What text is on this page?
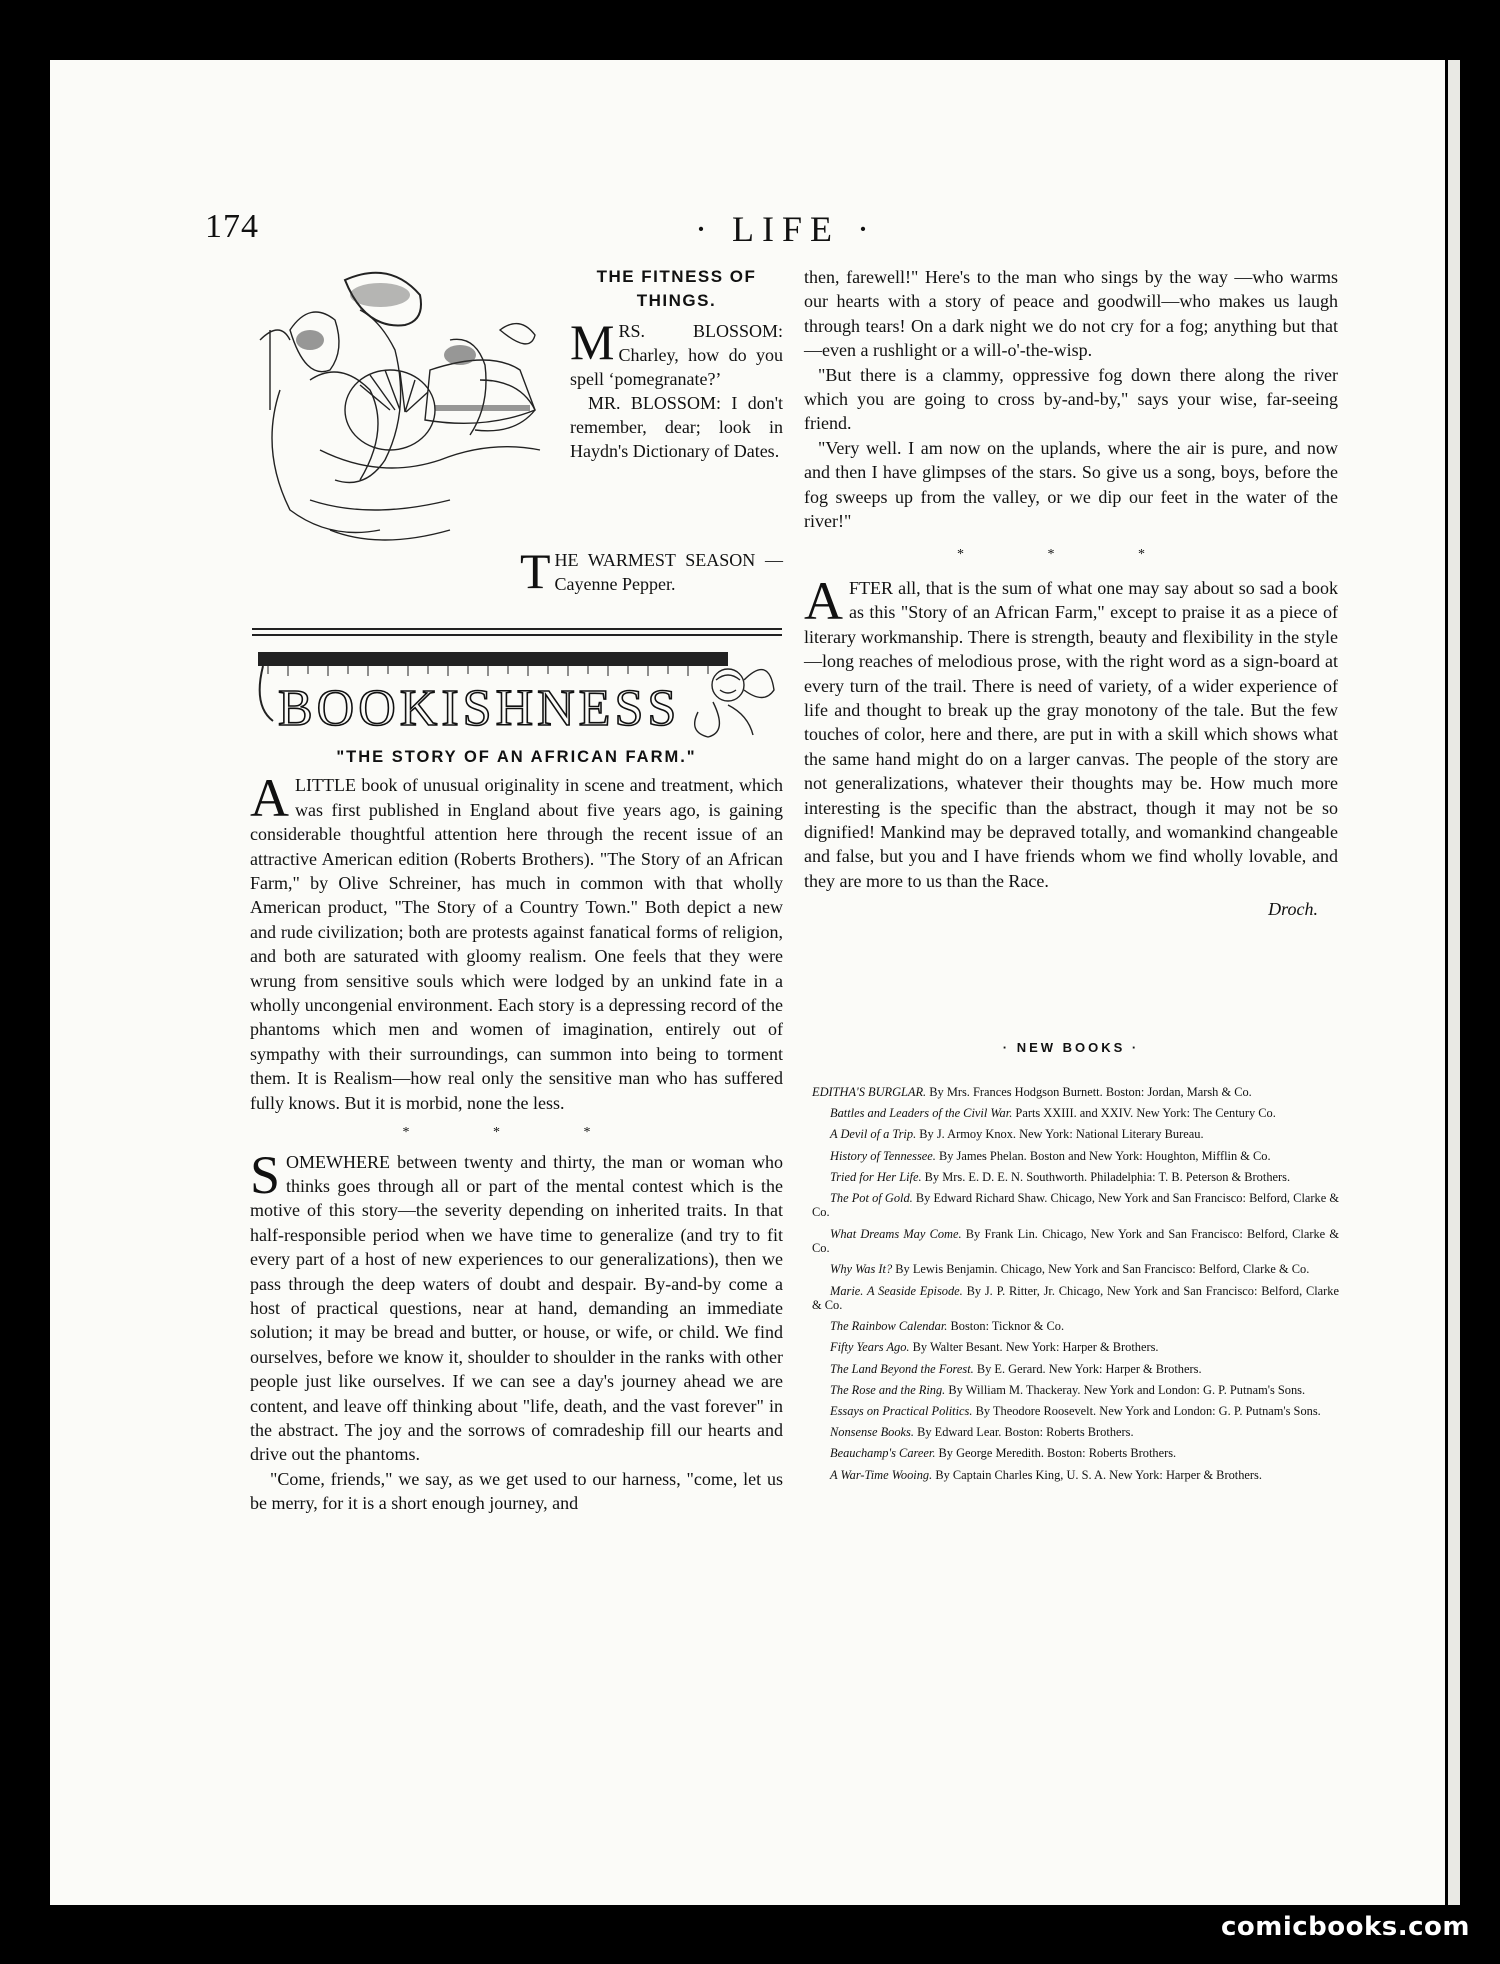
174	· LIFE ·
THE FITNESS OF THINGS.

MRS. BLOSSOM: Charley, how do you spell ‘pomegranate?’

MR. BLOSSOM: I don't remember, dear; look in Haydn's Dictionary of Dates.

THE WARMEST SEASON — Cayenne Pepper.
BOOKISHNESS
"THE STORY OF AN AFRICAN FARM."

ALITTLE book of unusual originality in scene and treatment, which was first published in England about five years ago, is gaining considerable thoughtful attention here through the recent issue of an attractive American edition (Roberts Brothers). "The Story of an African Farm," by Olive Schreiner, has much in common with that wholly American product, "The Story of a Country Town." Both depict a new and rude civilization; both are protests against fanatical forms of religion, and both are saturated with gloomy realism. One feels that they were wrung from sensitive souls which were lodged by an unkind fate in a wholly uncongenial environment. Each story is a depressing record of the phantoms which men and women of imagination, entirely out of sympathy with their surroundings, can summon into being to torment them. It is Realism—how real only the sensitive man who has suffered fully knows. But it is morbid, none the less.

* * *

SOMEWHERE between twenty and thirty, the man or woman who thinks goes through all or part of the mental contest which is the motive of this story—the severity depending on inherited traits. In that half-responsible period when we have time to generalize (and try to fit every part of a host of new experiences to our generalizations), then we pass through the deep waters of doubt and despair. By-and-by come a host of practical questions, near at hand, demanding an immediate solution; it may be bread and butter, or house, or wife, or child. We find ourselves, before we know it, shoulder to shoulder in the ranks with other people just like ourselves. If we can see a day's journey ahead we are content, and leave off thinking about "life, death, and the vast forever" in the abstract. The joy and the sorrows of comradeship fill our hearts and drive out the phantoms.

"Come, friends," we say, as we get used to our harness, "come, let us be merry, for it is a short enough journey, and

then, farewell!" Here's to the man who sings by the way —who warms our hearts with a story of peace and goodwill—who makes us laugh through tears! On a dark night we do not cry for a fog; anything but that—even a rushlight or a will-o'-the-wisp.

"But there is a clammy, oppressive fog down there along the river which you are going to cross by-and-by," says your wise, far-seeing friend.

"Very well. I am now on the uplands, where the air is pure, and now and then I have glimpses of the stars. So give us a song, boys, before the fog sweeps up from the valley, or we dip our feet in the water of the river!"

* * *

AFTER all, that is the sum of what one may say about so sad a book as this "Story of an African Farm," except to praise it as a piece of literary workmanship. There is strength, beauty and flexibility in the style—long reaches of melodious prose, with the right word as a sign-board at every turn of the trail. There is need of variety, of a wider experience of life and thought to break up the gray monotony of the tale. But the few touches of color, here and there, are put in with a skill which shows what the same hand might do on a larger canvas. The people of the story are not generalizations, whatever their thoughts may be. How much more interesting is the specific than the abstract, though it may not be so dignified! Mankind may be depraved totally, and womankind changeable and false, but you and I have friends whom we find wholly lovable, and they are more to us than the Race.

Droch.
· NEW BOOKS ·

EDITHA'S BURGLAR. By Mrs. Frances Hodgson Burnett. Boston: Jordan, Marsh & Co.

Battles and Leaders of the Civil War. Parts XXIII. and XXIV. New York: The Century Co.

A Devil of a Trip. By J. Armoy Knox. New York: National Literary Bureau.

History of Tennessee. By James Phelan. Boston and New York: Houghton, Mifflin & Co.

Tried for Her Life. By Mrs. E. D. E. N. Southworth. Philadelphia: T. B. Peterson & Brothers.

The Pot of Gold. By Edward Richard Shaw. Chicago, New York and San Francisco: Belford, Clarke & Co.

What Dreams May Come. By Frank Lin. Chicago, New York and San Francisco: Belford, Clarke & Co.

Why Was It? By Lewis Benjamin. Chicago, New York and San Francisco: Belford, Clarke & Co.

Marie. A Seaside Episode. By J. P. Ritter, Jr. Chicago, New York and San Francisco: Belford, Clarke & Co.

The Rainbow Calendar. Boston: Ticknor & Co.

Fifty Years Ago. By Walter Besant. New York: Harper & Brothers.

The Land Beyond the Forest. By E. Gerard. New York: Harper & Brothers.

The Rose and the Ring. By William M. Thackeray. New York and London: G. P. Putnam's Sons.

Essays on Practical Politics. By Theodore Roosevelt. New York and London: G. P. Putnam's Sons.

Nonsense Books. By Edward Lear. Boston: Roberts Brothers.

Beauchamp's Career. By George Meredith. Boston: Roberts Brothers.

A War-Time Wooing. By Captain Charles King, U. S. A. New York: Harper & Brothers.

comicbooks.com
